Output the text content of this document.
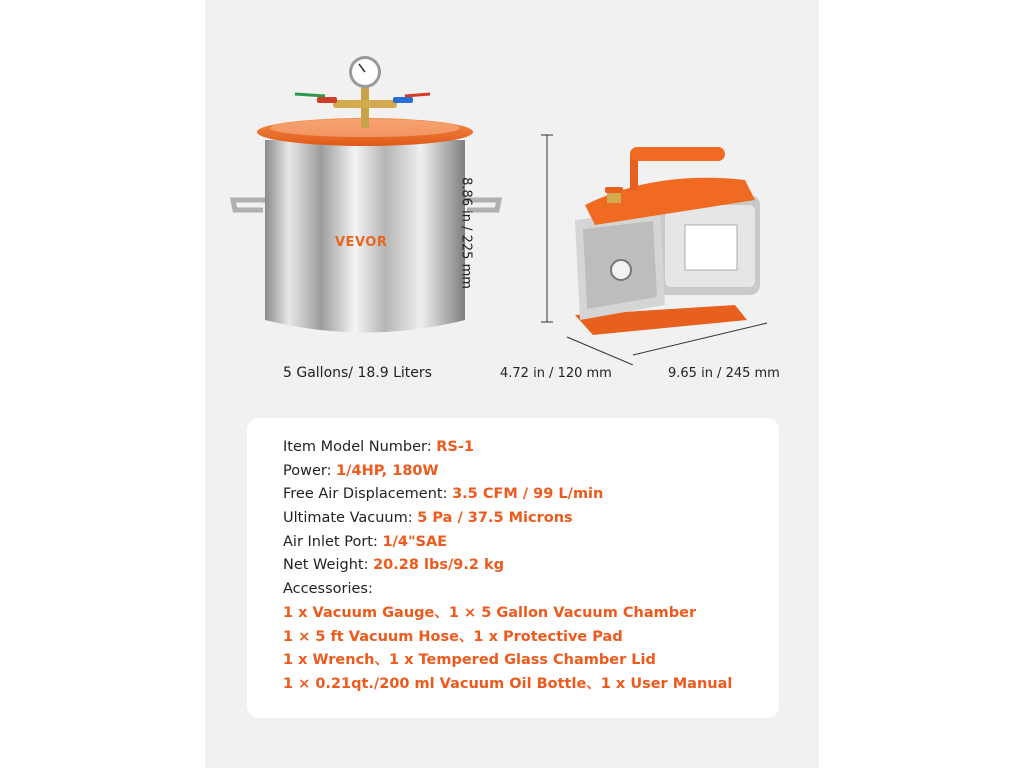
VEVOR
5 Gallons/ 18.9 Liters
8.86 in / 225 mm
4.72 in / 120 mm	9.65 in / 245 mm
Item Model Number: RS-1
Power: 1/4HP, 180W
Free Air Displacement: 3.5 CFM / 99 L/min
Ultimate Vacuum: 5 Pa / 37.5 Microns
Air Inlet Port: 1/4"SAE
Net Weight: 20.28 lbs/9.2 kg
Accessories:
1 x Vacuum Gauge、1 × 5 Gallon Vacuum Chamber
1 × 5 ft Vacuum Hose、1 x Protective Pad
1 x Wrench、1 x Tempered Glass Chamber Lid
1 × 0.21qt./200 ml Vacuum Oil Bottle、1 x User Manual
